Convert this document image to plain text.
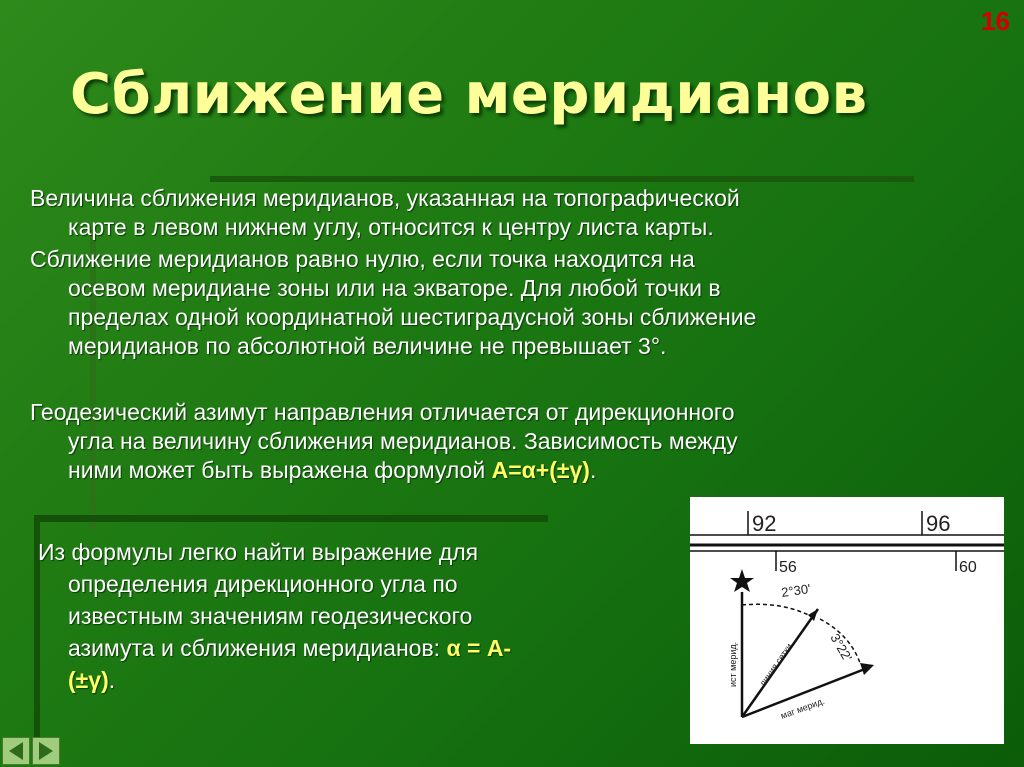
16
Сближение меридианов
Величина сближения меридианов, указанная на топографической
карте в левом нижнем углу, относится к центру листа карты.
Сближение меридианов равно нулю, если точка находится на
осевом меридиане зоны или на экваторе. Для любой точки в
пределах одной координатной шестиградусной зоны сближение
меридианов по абсолютной величине не превышает 3°.
Геодезический азимут направления отличается от дирекционного
угла на величину сближения меридианов. Зависимость между
ними может быть выражена формулой А=α+(±γ).
Из формулы легко найти выражение для
определения дирекционного угла по
известным значениям геодезического
азимута и сближения меридианов: α = А-
(±γ).
92	96
56	60
2°30'
3°22'
ист мерид. линия сетки
маг мерид.
